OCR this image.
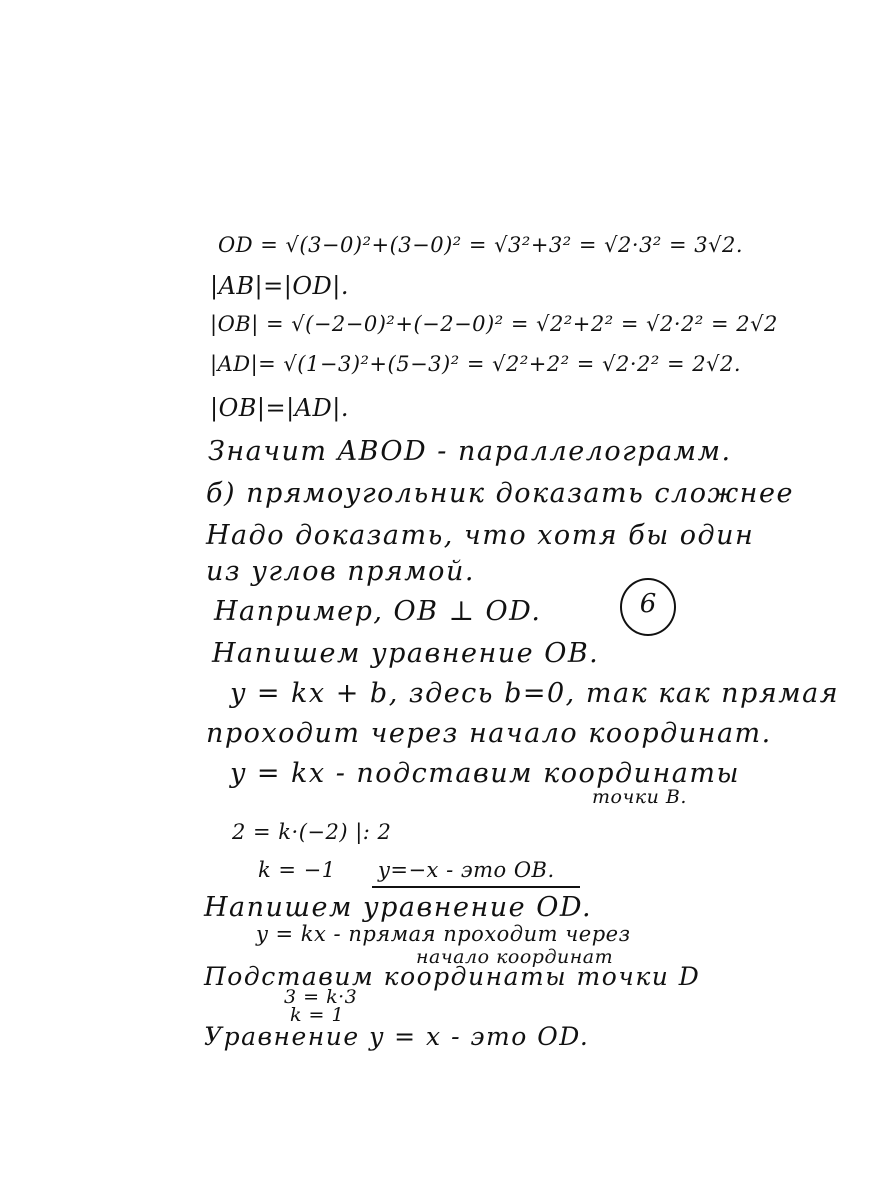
OD = √(3−0)²+(3−0)² = √3²+3² = √2·3² = 3√2.
|AB|=|OD|.
|OB| = √(−2−0)²+(−2−0)² = √2²+2² = √2·2² = 2√2
|AD|= √(1−3)²+(5−3)² = √2²+2² = √2·2² = 2√2.
|OB|=|AD|.
Значит ABOD - параллелограмм.
б) прямоугольник доказать сложнее
Надо доказать, что хотя бы один
из углов прямой.
Например, OB ⊥ OD.	6
Напишем уравнение OB.
y = kx + b, здесь b=0, так как прямая
проходит через начало координат.
y = kx - подставим координаты
точки B.
2 = k·(−2) |: 2
k = −1 y=−x - это OB.
Напишем уравнение OD.
y = kx - прямая проходит через
начало координат
Подставим координаты точки D
3 = k·3
k = 1
Уравнение y = x - это OD.
